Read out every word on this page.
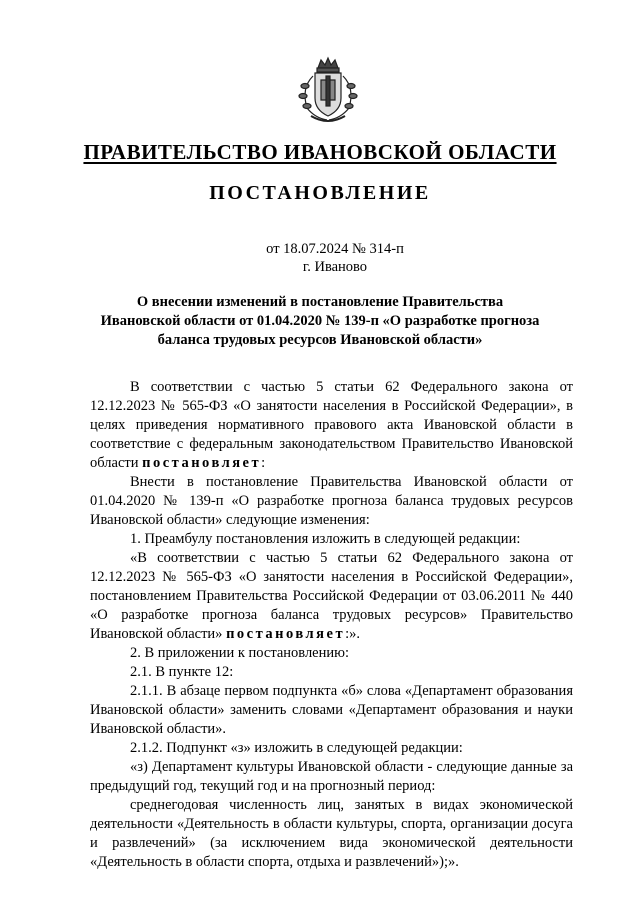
ПРАВИТЕЛЬСТВО ИВАНОВСКОЙ ОБЛАСТИ
ПОСТАНОВЛЕНИЕ
от 18.07.2024 № 314-п
г. Иваново
О внесении изменений в постановление Правительства
Ивановской области от 01.04.2020 № 139-п «О разработке прогноза
баланса трудовых ресурсов Ивановской области»

В соответствии с частью 5 статьи 62 Федерального закона от 12.12.2023 № 565-ФЗ «О занятости населения в Российской Федерации», в целях приведения нормативного правового акта Ивановской области в соответствие с федеральным законодательством Правительство Ивановской области постановляет:

Внести в постановление Правительства Ивановской области от 01.04.2020 № 139-п «О разработке прогноза баланса трудовых ресурсов Ивановской области» следующие изменения:

1. Преамбулу постановления изложить в следующей редакции:

«В соответствии с частью 5 статьи 62 Федерального закона от 12.12.2023 № 565-ФЗ «О занятости населения в Российской Федерации», постановлением Правительства Российской Федерации от 03.06.2011 № 440 «О разработке прогноза баланса трудовых ресурсов» Правительство Ивановской области» постановляет:».

2. В приложении к постановлению:

2.1. В пункте 12:

2.1.1. В абзаце первом подпункта «б» слова «Департамент образования Ивановской области» заменить словами «Департамент образования и науки Ивановской области».

2.1.2. Подпункт «з» изложить в следующей редакции:

«з) Департамент культуры Ивановской области - следующие данные за предыдущий год, текущий год и на прогнозный период:

среднегодовая численность лиц, занятых в видах экономической деятельности «Деятельность в области культуры, спорта, организации досуга и развлечений» (за исключением вида экономической деятельности «Деятельность в области спорта, отдыха и развлечений»);».
